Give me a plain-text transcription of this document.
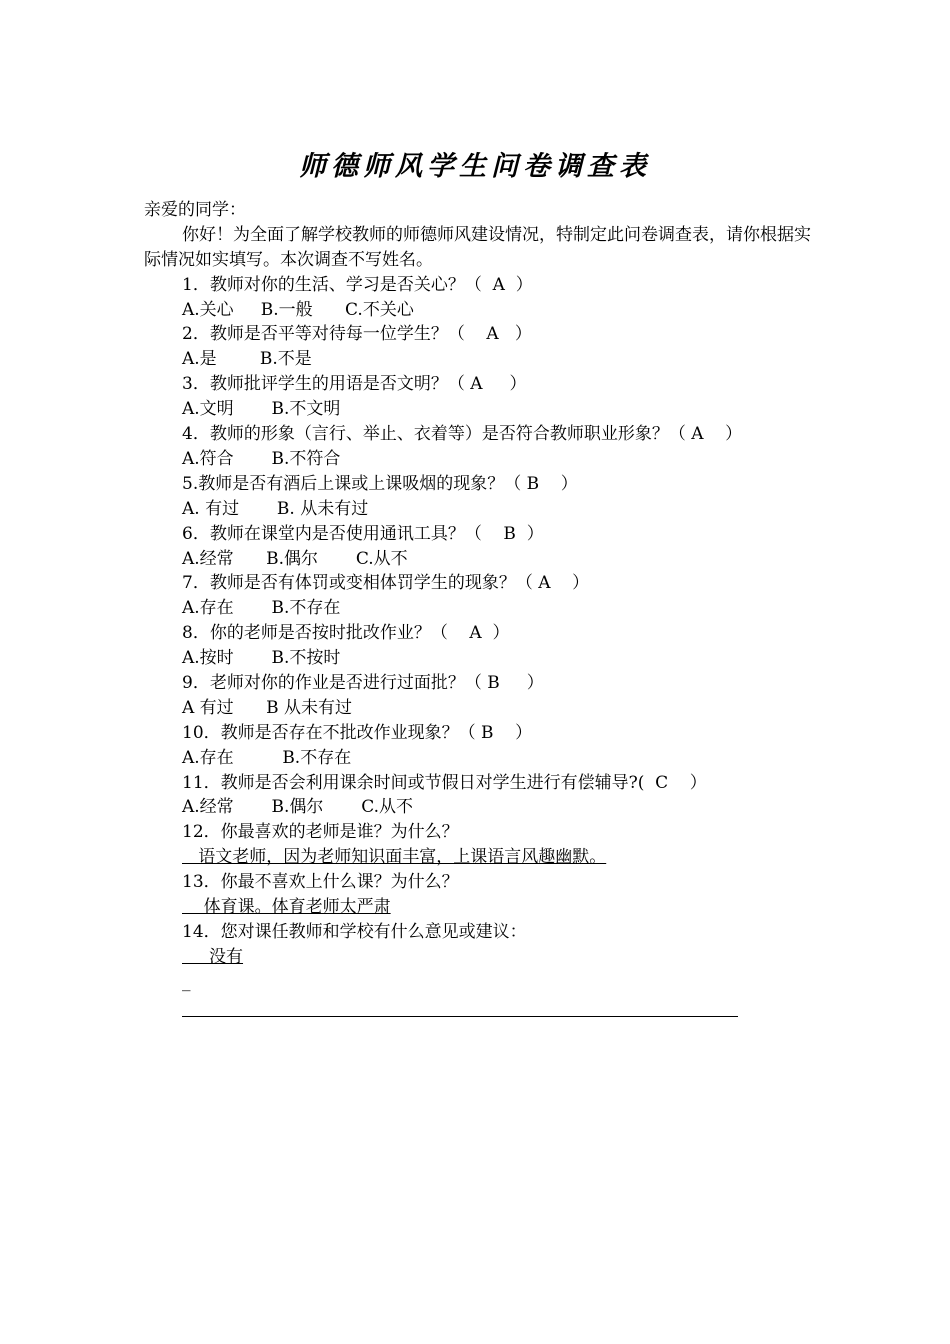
师德师风学生问卷调查表
亲爱的同学：
你好！为全面了解学校教师的师德师风建设情况，特制定此问卷调查表，请你根据实际情况如实填写。本次调查不写姓名。
1．教师对你的生活、学习是否关心？（  A  ）
A.关心     B.一般      C.不关心
2．教师是否平等对待每一位学生？（    A   ）
A.是        B.不是
3．教师批评学生的用语是否文明？（ A     ）
A.文明       B.不文明
4．教师的形象（言行、举止、衣着等）是否符合教师职业形象？（ A    ）
A.符合       B.不符合
5.教师是否有酒后上课或上课吸烟的现象？（ B    ）
A. 有过       B. 从未有过
6．教师在课堂内是否使用通讯工具？（    B  ）
A.经常      B.偶尔       C.从不
7．教师是否有体罚或变相体罚学生的现象？（ A    ）
A.存在       B.不存在
8．你的老师是否按时批改作业？（    A  ）
A.按时       B.不按时
9．老师对你的作业是否进行过面批？（ B     ）
A 有过      B 从未有过
10．教师是否存在不批改作业现象？（ B    ）
A.存在         B.不存在
11．教师是否会利用课余时间或节假日对学生进行有偿辅导?(  C    ）
A.经常       B.偶尔       C.从不
12．你最喜欢的老师是谁？为什么？
语文老师，因为老师知识面丰富，上课语言风趣幽默。
13．你最不喜欢上什么课？为什么？
体育课。体育老师太严肃
14．您对课任教师和学校有什么意见或建议：
没有
_
